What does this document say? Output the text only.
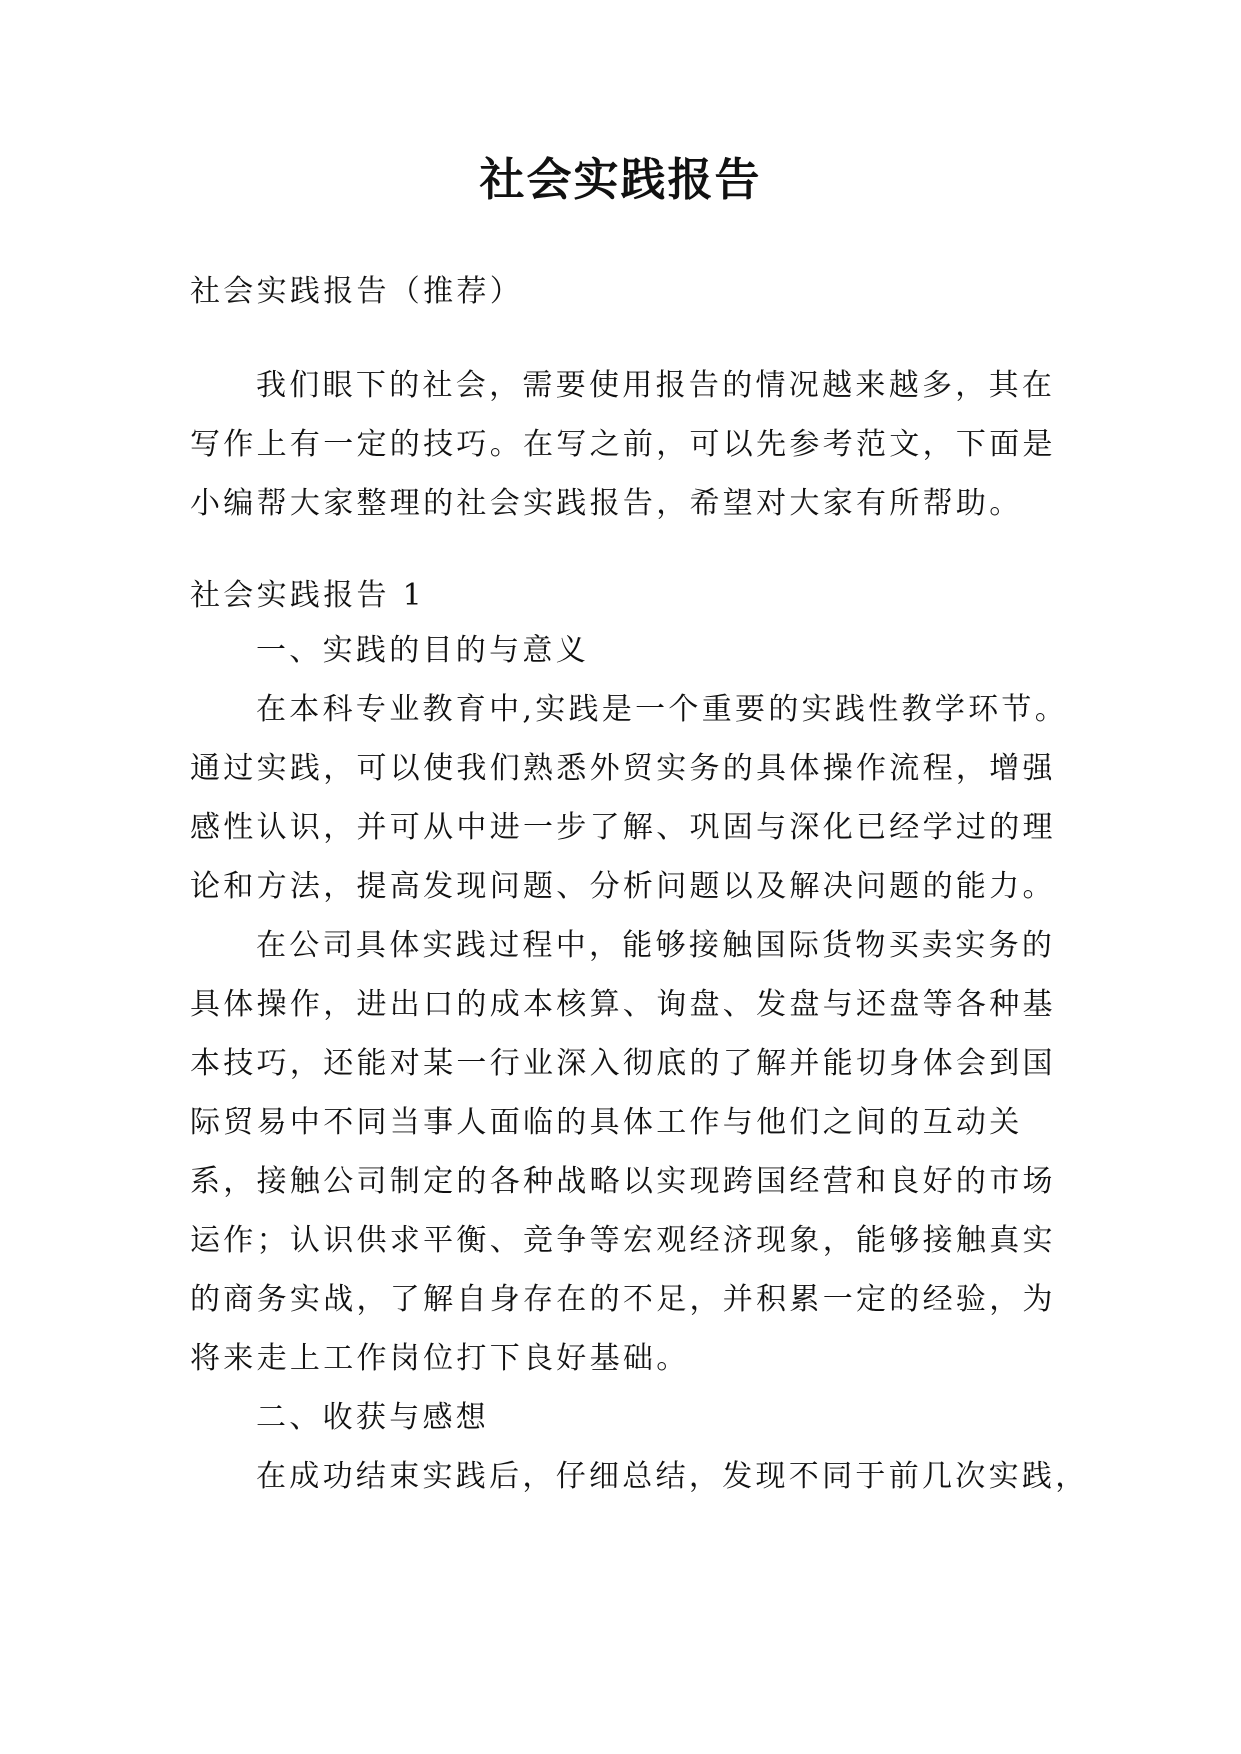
社会实践报告

社会实践报告（推荐）

我们眼下的社会，需要使用报告的情况越来越多，其在
写作上有一定的技巧。在写之前，可以先参考范文，下面是
小编帮大家整理的社会实践报告，希望对大家有所帮助。

社会实践报告 1

一、实践的目的与意义
在本科专业教育中,实践是一个重要的实践性教学环节。
通过实践，可以使我们熟悉外贸实务的具体操作流程，增强
感性认识，并可从中进一步了解、巩固与深化已经学过的理
论和方法，提高发现问题、分析问题以及解决问题的能力。
在公司具体实践过程中，能够接触国际货物买卖实务的
具体操作，进出口的成本核算、询盘、发盘与还盘等各种基
本技巧，还能对某一行业深入彻底的了解并能切身体会到国
际贸易中不同当事人面临的具体工作与他们之间的互动关
系，接触公司制定的各种战略以实现跨国经营和良好的市场
运作；认识供求平衡、竞争等宏观经济现象，能够接触真实
的商务实战，了解自身存在的不足，并积累一定的经验，为
将来走上工作岗位打下良好基础。
二、收获与感想
在成功结束实践后，仔细总结，发现不同于前几次实践，
